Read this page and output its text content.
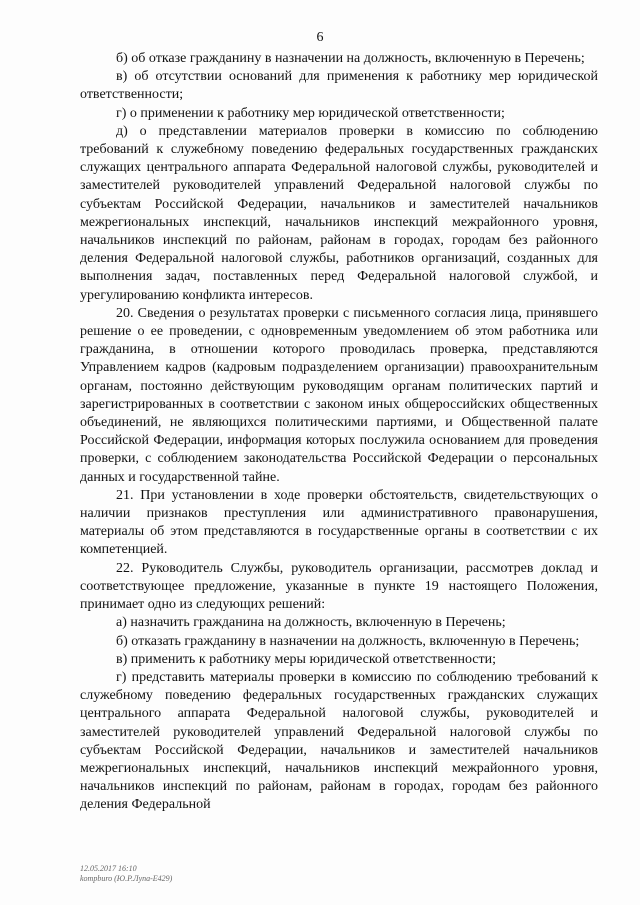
6

б) об отказе гражданину в назначении на должность, включенную в Перечень;

в) об отсутствии оснований для применения к работнику мер юридической ответственности;

г) о применении к работнику мер юридической ответственности;

д) о представлении материалов проверки в комиссию по соблюдению требований к служебному поведению федеральных государственных гражданских служащих центрального аппарата Федеральной налоговой службы, руководителей и заместителей руководителей управлений Федеральной налоговой службы по субъектам Российской Федерации, начальников и заместителей начальников межрегиональных инспекций, начальников инспекций межрайонного уровня, начальников инспекций по районам, районам в городах, городам без районного деления Федеральной налоговой службы, работников организаций, созданных для выполнения задач, поставленных перед Федеральной налоговой службой, и урегулированию конфликта интересов.

20. Сведения о результатах проверки с письменного согласия лица, принявшего решение о ее проведении, с одновременным уведомлением об этом работника или гражданина, в отношении которого проводилась проверка, представляются Управлением кадров (кадровым подразделением организации) правоохранительным органам, постоянно действующим руководящим органам политических партий и зарегистрированных в соответствии с законом иных общероссийских общественных объединений, не являющихся политическими партиями, и Общественной палате Российской Федерации, информация которых послужила основанием для проведения проверки, с соблюдением законодательства Российской Федерации о персональных данных и государственной тайне.

21. При установлении в ходе проверки обстоятельств, свидетельствующих о наличии признаков преступления или административного правонарушения, материалы об этом представляются в государственные органы в соответствии с их компетенцией.

22. Руководитель Службы, руководитель организации, рассмотрев доклад и соответствующее предложение, указанные в пункте 19 настоящего Положения, принимает одно из следующих решений:

а) назначить гражданина на должность, включенную в Перечень;

б) отказать гражданину в назначении на должность, включенную в Перечень;

в) применить к работнику меры юридической ответственности;

г) представить материалы проверки в комиссию по соблюдению требований к служебному поведению федеральных государственных гражданских служащих центрального аппарата Федеральной налоговой службы, руководителей и заместителей руководителей управлений Федеральной налоговой службы по субъектам Российской Федерации, начальников и заместителей начальников межрегиональных инспекций, начальников инспекций межрайонного уровня, начальников инспекций по районам, районам в городах, городам без районного деления Федеральной

12.05.2017 16:10
kompburo (Ю.Р.Лупа-Е429)
